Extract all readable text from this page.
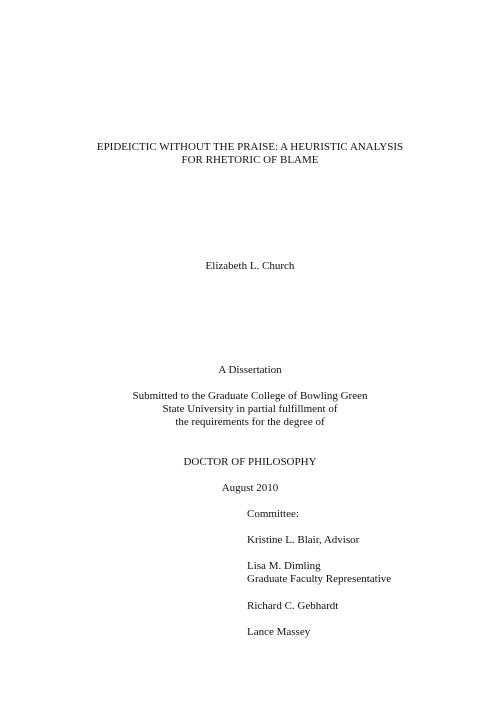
EPIDEICTIC WITHOUT THE PRAISE: A HEURISTIC ANALYSIS
FOR RHETORIC OF BLAME
Elizabeth L. Church
A Dissertation
Submitted to the Graduate College of Bowling Green
State University in partial fulfillment of
the requirements for the degree of
DOCTOR OF PHILOSOPHY
August 2010
Committee:
Kristine L. Blair, Advisor
Lisa M. Dimling
Graduate Faculty Representative
Richard C. Gebhardt
Lance Massey
